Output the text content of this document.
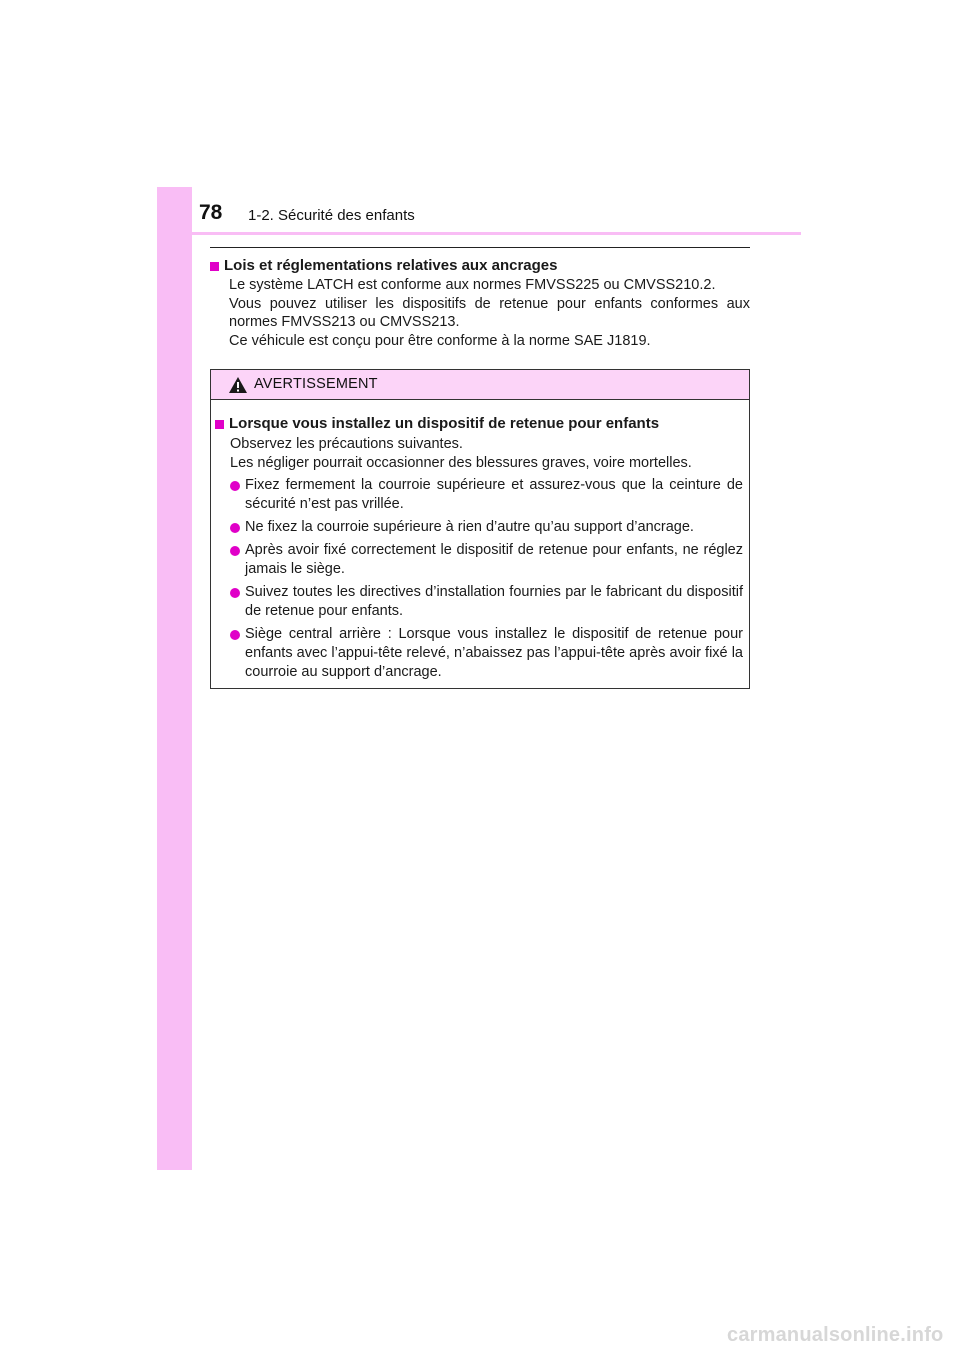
78 1-2. Sécurité des enfants

Lois et réglementations relatives aux ancrages

Le système LATCH est conforme aux normes FMVSS225 ou CMVSS210.2.

Vous pouvez utiliser les dispositifs de retenue pour enfants conformes aux normes FMVSS213 ou CMVSS213.

Ce véhicule est conçu pour être conforme à la norme SAE J1819.

AVERTISSEMENT
Lorsque vous installez un dispositif de retenue pour enfants

Observez les précautions suivantes.

Les négliger pourrait occasionner des blessures graves, voire mortelles.

Fixez fermement la courroie supérieure et assurez-vous que la ceinture de sécurité n’est pas vrillée.
Ne fixez la courroie supérieure à rien d’autre qu’au support d’ancrage.
Après avoir fixé correctement le dispositif de retenue pour enfants, ne réglez jamais le siège.
Suivez toutes les directives d’installation fournies par le fabricant du dispositif de retenue pour enfants.
Siège central arrière : Lorsque vous installez le dispositif de retenue pour enfants avec l’appui-tête relevé, n’abaissez pas l’appui-tête après avoir fixé la courroie au support d’ancrage.
carmanualsonline.info
